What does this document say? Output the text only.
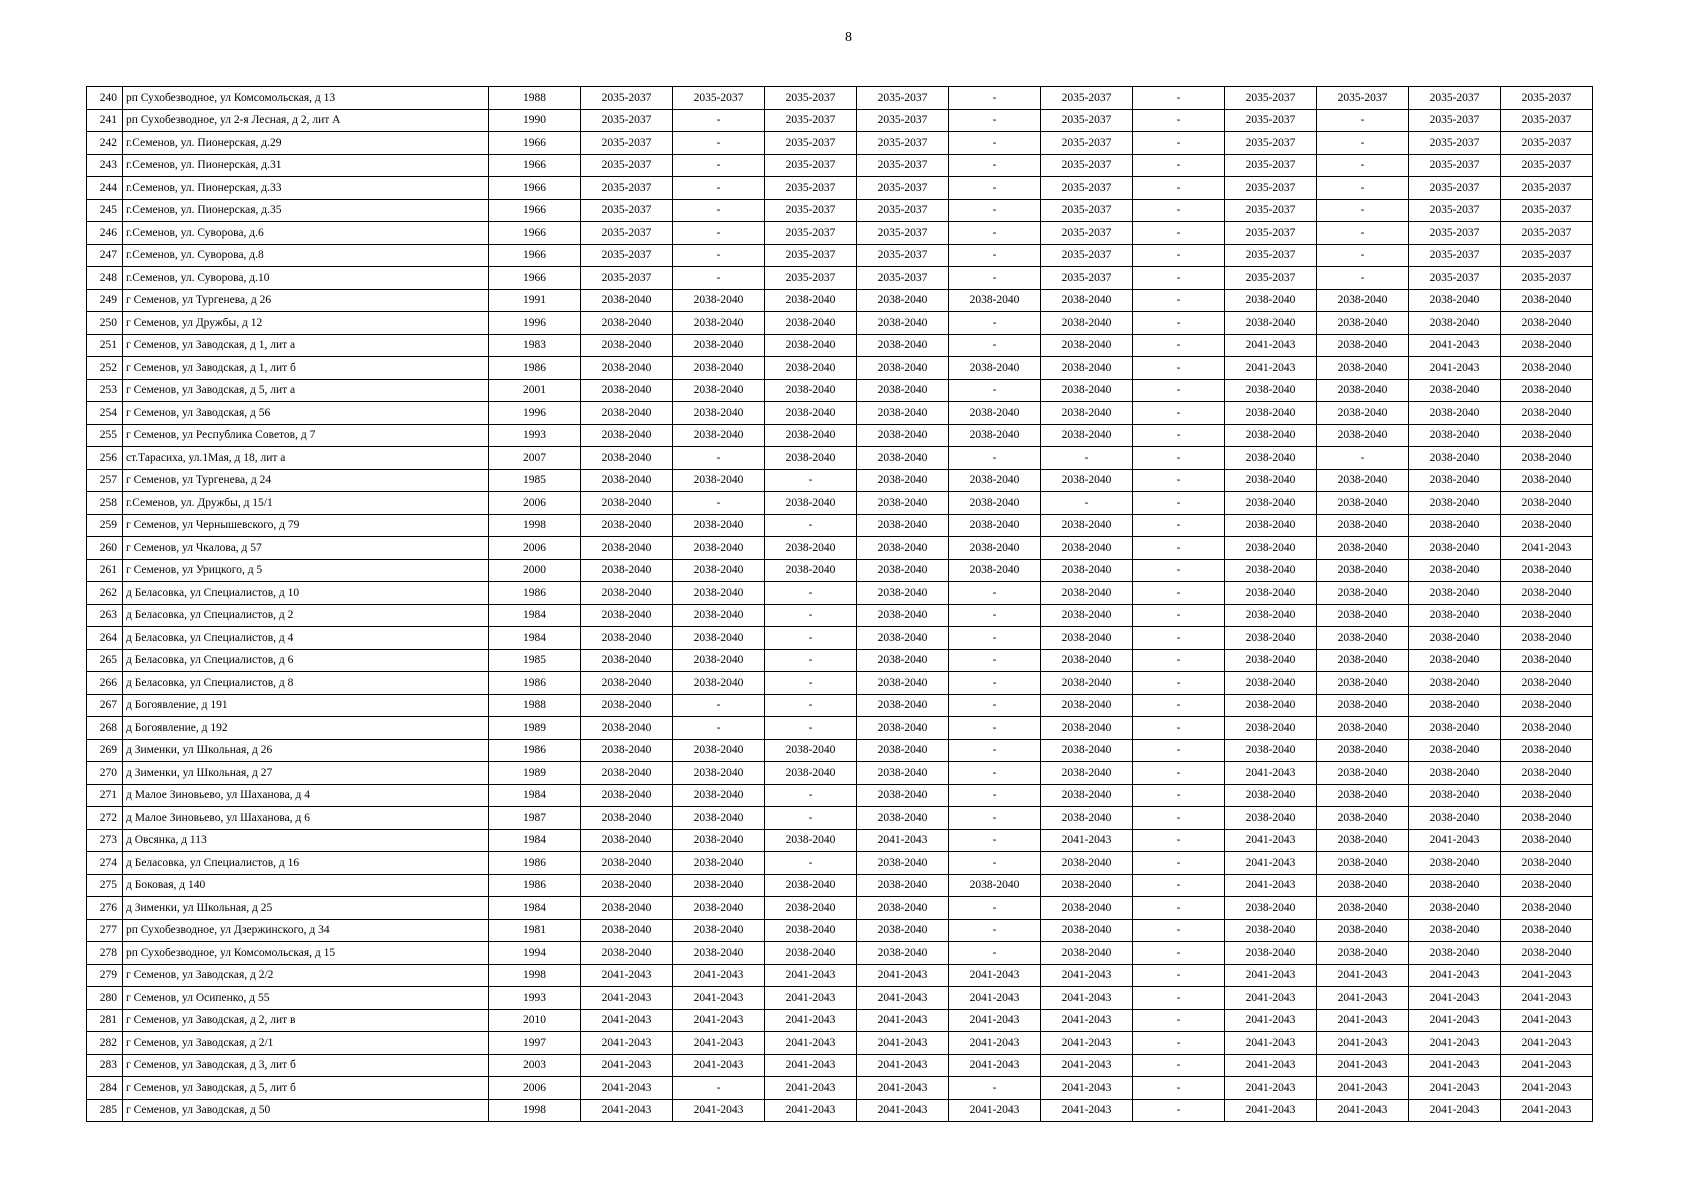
8
240	рп Сухобезводное, ул Комсомольская, д 13	1988	2035-2037	2035-2037	2035-2037	2035-2037	-	2035-2037	-	2035-2037	2035-2037	2035-2037	2035-2037
241	рп Сухобезводное, ул 2-я Лесная, д 2, лит А	1990	2035-2037	-	2035-2037	2035-2037	-	2035-2037	-	2035-2037	-	2035-2037	2035-2037
242	г.Семенов, ул. Пионерская, д.29	1966	2035-2037	-	2035-2037	2035-2037	-	2035-2037	-	2035-2037	-	2035-2037	2035-2037
243	г.Семенов, ул. Пионерская, д.31	1966	2035-2037	-	2035-2037	2035-2037	-	2035-2037	-	2035-2037	-	2035-2037	2035-2037
244	г.Семенов, ул. Пионерская, д.33	1966	2035-2037	-	2035-2037	2035-2037	-	2035-2037	-	2035-2037	-	2035-2037	2035-2037
245	г.Семенов, ул. Пионерская, д.35	1966	2035-2037	-	2035-2037	2035-2037	-	2035-2037	-	2035-2037	-	2035-2037	2035-2037
246	г.Семенов, ул. Суворова, д.6	1966	2035-2037	-	2035-2037	2035-2037	-	2035-2037	-	2035-2037	-	2035-2037	2035-2037
247	г.Семенов, ул. Суворова, д.8	1966	2035-2037	-	2035-2037	2035-2037	-	2035-2037	-	2035-2037	-	2035-2037	2035-2037
248	г.Семенов, ул. Суворова, д.10	1966	2035-2037	-	2035-2037	2035-2037	-	2035-2037	-	2035-2037	-	2035-2037	2035-2037
249	г Семенов, ул Тургенева, д 26	1991	2038-2040	2038-2040	2038-2040	2038-2040	2038-2040	2038-2040	-	2038-2040	2038-2040	2038-2040	2038-2040
250	г Семенов, ул Дружбы, д 12	1996	2038-2040	2038-2040	2038-2040	2038-2040	-	2038-2040	-	2038-2040	2038-2040	2038-2040	2038-2040
251	г Семенов, ул Заводская, д 1, лит а	1983	2038-2040	2038-2040	2038-2040	2038-2040	-	2038-2040	-	2041-2043	2038-2040	2041-2043	2038-2040
252	г Семенов, ул Заводская, д 1, лит б	1986	2038-2040	2038-2040	2038-2040	2038-2040	2038-2040	2038-2040	-	2041-2043	2038-2040	2041-2043	2038-2040
253	г Семенов, ул Заводская, д 5, лит а	2001	2038-2040	2038-2040	2038-2040	2038-2040	-	2038-2040	-	2038-2040	2038-2040	2038-2040	2038-2040
254	г Семенов, ул Заводская, д 56	1996	2038-2040	2038-2040	2038-2040	2038-2040	2038-2040	2038-2040	-	2038-2040	2038-2040	2038-2040	2038-2040
255	г Семенов, ул Республика Советов, д 7	1993	2038-2040	2038-2040	2038-2040	2038-2040	2038-2040	2038-2040	-	2038-2040	2038-2040	2038-2040	2038-2040
256	ст.Тарасиха, ул.1Мая, д 18, лит а	2007	2038-2040	-	2038-2040	2038-2040	-	-	-	2038-2040	-	2038-2040	2038-2040
257	г Семенов, ул Тургенева, д 24	1985	2038-2040	2038-2040	-	2038-2040	2038-2040	2038-2040	-	2038-2040	2038-2040	2038-2040	2038-2040
258	г.Семенов, ул. Дружбы, д 15/1	2006	2038-2040	-	2038-2040	2038-2040	2038-2040	-	-	2038-2040	2038-2040	2038-2040	2038-2040
259	г Семенов, ул Чернышевского, д 79	1998	2038-2040	2038-2040	-	2038-2040	2038-2040	2038-2040	-	2038-2040	2038-2040	2038-2040	2038-2040
260	г Семенов, ул Чкалова, д 57	2006	2038-2040	2038-2040	2038-2040	2038-2040	2038-2040	2038-2040	-	2038-2040	2038-2040	2038-2040	2041-2043
261	г Семенов, ул Урицкого, д 5	2000	2038-2040	2038-2040	2038-2040	2038-2040	2038-2040	2038-2040	-	2038-2040	2038-2040	2038-2040	2038-2040
262	д Беласовка, ул Специалистов, д 10	1986	2038-2040	2038-2040	-	2038-2040	-	2038-2040	-	2038-2040	2038-2040	2038-2040	2038-2040
263	д Беласовка, ул Специалистов, д 2	1984	2038-2040	2038-2040	-	2038-2040	-	2038-2040	-	2038-2040	2038-2040	2038-2040	2038-2040
264	д Беласовка, ул Специалистов, д 4	1984	2038-2040	2038-2040	-	2038-2040	-	2038-2040	-	2038-2040	2038-2040	2038-2040	2038-2040
265	д Беласовка, ул Специалистов, д 6	1985	2038-2040	2038-2040	-	2038-2040	-	2038-2040	-	2038-2040	2038-2040	2038-2040	2038-2040
266	д Беласовка, ул Специалистов, д 8	1986	2038-2040	2038-2040	-	2038-2040	-	2038-2040	-	2038-2040	2038-2040	2038-2040	2038-2040
267	д Богоявление, д 191	1988	2038-2040	-	-	2038-2040	-	2038-2040	-	2038-2040	2038-2040	2038-2040	2038-2040
268	д Богоявление, д 192	1989	2038-2040	-	-	2038-2040	-	2038-2040	-	2038-2040	2038-2040	2038-2040	2038-2040
269	д Зименки, ул Школьная, д 26	1986	2038-2040	2038-2040	2038-2040	2038-2040	-	2038-2040	-	2038-2040	2038-2040	2038-2040	2038-2040
270	д Зименки, ул Школьная, д 27	1989	2038-2040	2038-2040	2038-2040	2038-2040	-	2038-2040	-	2041-2043	2038-2040	2038-2040	2038-2040
271	д Малое Зиновьево, ул Шаханова, д 4	1984	2038-2040	2038-2040	-	2038-2040	-	2038-2040	-	2038-2040	2038-2040	2038-2040	2038-2040
272	д Малое Зиновьево, ул Шаханова, д 6	1987	2038-2040	2038-2040	-	2038-2040	-	2038-2040	-	2038-2040	2038-2040	2038-2040	2038-2040
273	д Овсянка, д 113	1984	2038-2040	2038-2040	2038-2040	2041-2043	-	2041-2043	-	2041-2043	2038-2040	2041-2043	2038-2040
274	д Беласовка, ул Специалистов, д 16	1986	2038-2040	2038-2040	-	2038-2040	-	2038-2040	-	2041-2043	2038-2040	2038-2040	2038-2040
275	д Боковая, д 140	1986	2038-2040	2038-2040	2038-2040	2038-2040	2038-2040	2038-2040	-	2041-2043	2038-2040	2038-2040	2038-2040
276	д Зименки, ул Школьная, д 25	1984	2038-2040	2038-2040	2038-2040	2038-2040	-	2038-2040	-	2038-2040	2038-2040	2038-2040	2038-2040
277	рп Сухобезводное, ул Дзержинского, д 34	1981	2038-2040	2038-2040	2038-2040	2038-2040	-	2038-2040	-	2038-2040	2038-2040	2038-2040	2038-2040
278	рп Сухобезводное, ул Комсомольская, д 15	1994	2038-2040	2038-2040	2038-2040	2038-2040	-	2038-2040	-	2038-2040	2038-2040	2038-2040	2038-2040
279	г Семенов, ул Заводская, д 2/2	1998	2041-2043	2041-2043	2041-2043	2041-2043	2041-2043	2041-2043	-	2041-2043	2041-2043	2041-2043	2041-2043
280	г Семенов, ул Осипенко, д 55	1993	2041-2043	2041-2043	2041-2043	2041-2043	2041-2043	2041-2043	-	2041-2043	2041-2043	2041-2043	2041-2043
281	г Семенов, ул Заводская, д 2, лит в	2010	2041-2043	2041-2043	2041-2043	2041-2043	2041-2043	2041-2043	-	2041-2043	2041-2043	2041-2043	2041-2043
282	г Семенов, ул Заводская, д 2/1	1997	2041-2043	2041-2043	2041-2043	2041-2043	2041-2043	2041-2043	-	2041-2043	2041-2043	2041-2043	2041-2043
283	г Семенов, ул Заводская, д 3, лит б	2003	2041-2043	2041-2043	2041-2043	2041-2043	2041-2043	2041-2043	-	2041-2043	2041-2043	2041-2043	2041-2043
284	г Семенов, ул Заводская, д 5, лит б	2006	2041-2043	-	2041-2043	2041-2043	-	2041-2043	-	2041-2043	2041-2043	2041-2043	2041-2043
285	г Семенов, ул Заводская, д 50	1998	2041-2043	2041-2043	2041-2043	2041-2043	2041-2043	2041-2043	-	2041-2043	2041-2043	2041-2043	2041-2043
